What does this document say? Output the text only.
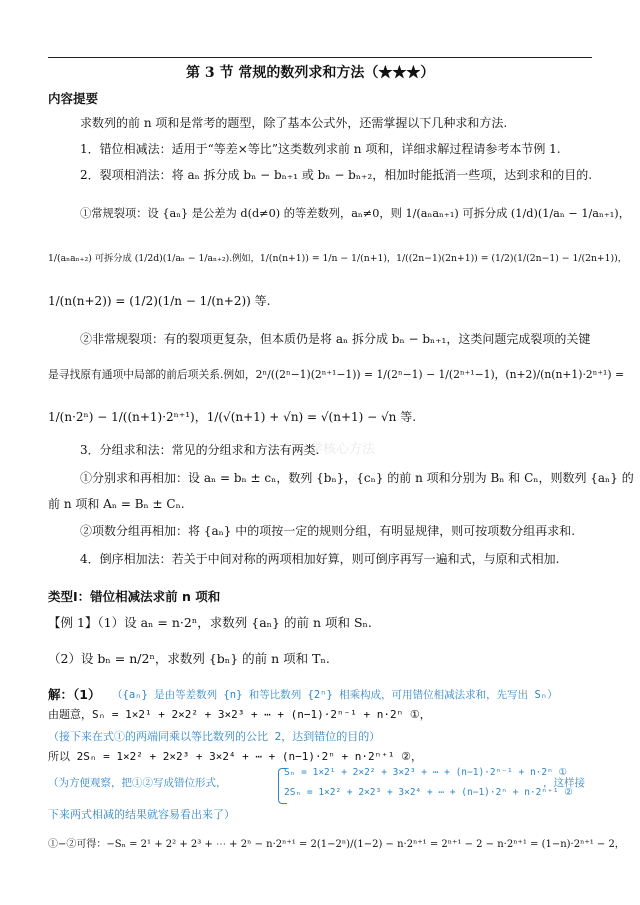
第 3 节 常规的数列求和方法（★★★）
内容提要
求数列的前 n 项和是常考的题型，除了基本公式外，还需掌握以下几种求和方法.
1．错位相减法：适用于“等差×等比”这类数列求前 n 项和，详细求解过程请参考本节例 1.
2．裂项相消法：将 aₙ 拆分成 bₙ − bₙ₊₁ 或 bₙ − bₙ₊₂，相加时能抵消一些项，达到求和的目的.
①常规裂项：设 {aₙ} 是公差为 d(d≠0) 的等差数列，aₙ≠0，则 1/(aₙaₙ₊₁) 可拆分成 (1/d)(1/aₙ − 1/aₙ₊₁)，
1/(aₙaₙ₊₂) 可拆分成 (1/2d)(1/aₙ − 1/aₙ₊₂).例如，1/(n(n+1)) = 1/n − 1/(n+1)，1/((2n−1)(2n+1)) = (1/2)(1/(2n−1) − 1/(2n+1))，
1/(n(n+2)) = (1/2)(1/n − 1/(n+2)) 等.
②非常规裂项：有的裂项更复杂，但本质仍是将 aₙ 拆分成 bₙ − bₙ₊₁，这类问题完成裂项的关键
是寻找原有通项中局部的前后项关系.例如，2ⁿ/((2ⁿ−1)(2ⁿ⁺¹−1)) = 1/(2ⁿ−1) − 1/(2ⁿ⁺¹−1)，(n+2)/(n(n+1)·2ⁿ⁺¹) =
1/(n·2ⁿ) − 1/((n+1)·2ⁿ⁺¹)，1/(√(n+1) + √n) = √(n+1) − √n 等.
学核心方法
3．分组求和法：常见的分组求和方法有两类.
①分别求和再相加：设 aₙ = bₙ ± cₙ，数列 {bₙ}，{cₙ} 的前 n 项和分别为 Bₙ 和 Cₙ，则数列 {aₙ} 的
前 n 项和 Aₙ = Bₙ ± Cₙ.
②项数分组再相加：将 {aₙ} 中的项按一定的规则分组，有明显规律，则可按项数分组再求和.
4．倒序相加法：若关于中间对称的两项相加好算，则可倒序再写一遍和式，与原和式相加.
类型Ⅰ：错位相减法求前 n 项和
【例 1】（1）设 aₙ = n·2ⁿ，求数列 {aₙ} 的前 n 项和 Sₙ.
（2）设 bₙ = n/2ⁿ，求数列 {bₙ} 的前 n 项和 Tₙ.
解：（1） （{aₙ} 是由等差数列 {n} 和等比数列 {2ⁿ} 相乘构成，可用错位相减法求和，先写出 Sₙ）
由题意，Sₙ = 1×2¹ + 2×2² + 3×2³ + ⋯ + (n−1)·2ⁿ⁻¹ + n·2ⁿ ①，
（接下来在式①的两端同乘以等比数列的公比 2，达到错位的目的）
所以 2Sₙ = 1×2² + 2×2³ + 3×2⁴ + ⋯ + (n−1)·2ⁿ + n·2ⁿ⁺¹ ②，
（为方便观察，把①②写成错位形式，
Sₙ = 1×2¹ + 2×2² + 3×2³ + ⋯ + (n−1)·2ⁿ⁻¹ + n·2ⁿ ①
2Sₙ = 1×2² + 2×2³ + 3×2⁴ + ⋯ + (n−1)·2ⁿ + n·2ⁿ⁺¹ ②
，这样接
下来两式相减的结果就容易看出来了）
①−②可得：−Sₙ = 2¹ + 2² + 2³ + ⋯ + 2ⁿ − n·2ⁿ⁺¹ = 2(1−2ⁿ)/(1−2) − n·2ⁿ⁺¹ = 2ⁿ⁺¹ − 2 − n·2ⁿ⁺¹ = (1−n)·2ⁿ⁺¹ − 2，
